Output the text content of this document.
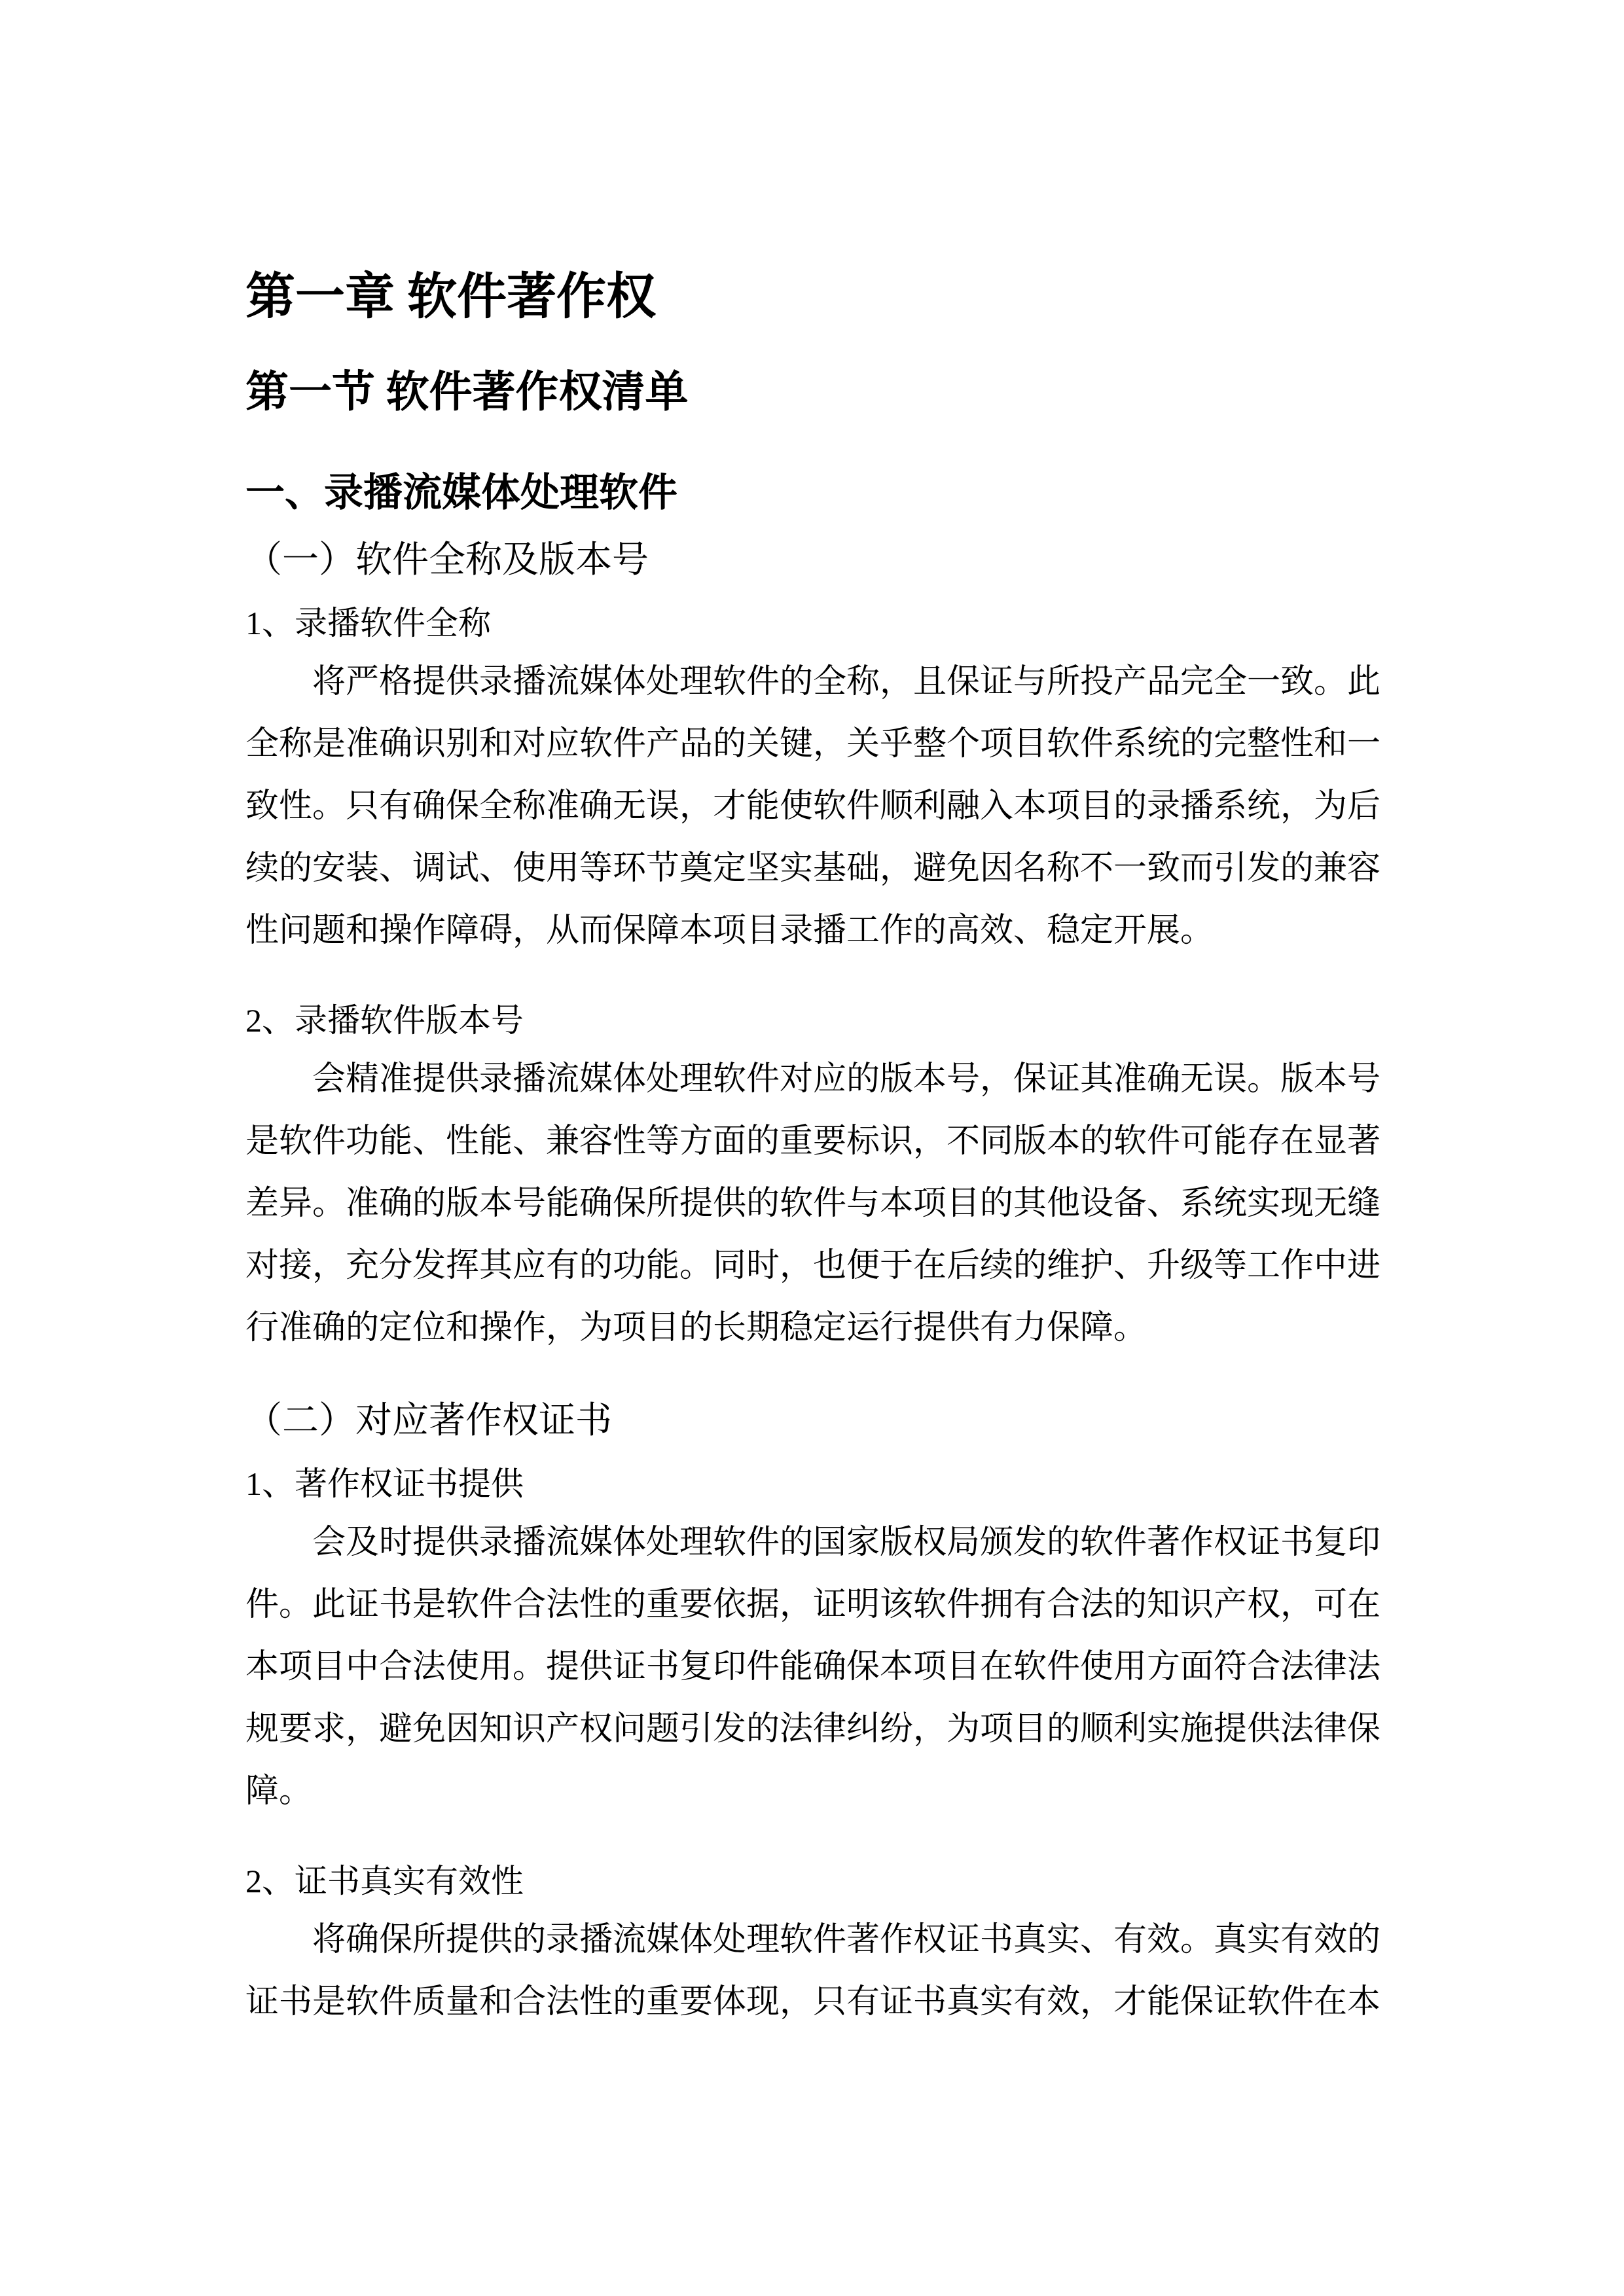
第一章 软件著作权
第一节 软件著作权清单
一、录播流媒体处理软件
（一）软件全称及版本号
1、录播软件全称

将严格提供录播流媒体处理软件的全称，且保证与所投产品完全一致。此全称是准确识别和对应软件产品的关键，关乎整个项目软件系统的完整性和一致性。只有确保全称准确无误，才能使软件顺利融入本项目的录播系统，为后续的安装、调试、使用等环节奠定坚实基础，避免因名称不一致而引发的兼容性问题和操作障碍，从而保障本项目录播工作的高效、稳定开展。

2、录播软件版本号

会精准提供录播流媒体处理软件对应的版本号，保证其准确无误。版本号是软件功能、性能、兼容性等方面的重要标识，不同版本的软件可能存在显著差异。准确的版本号能确保所提供的软件与本项目的其他设备、系统实现无缝对接，充分发挥其应有的功能。同时，也便于在后续的维护、升级等工作中进行准确的定位和操作，为项目的长期稳定运行提供有力保障。

（二）对应著作权证书
1、著作权证书提供

会及时提供录播流媒体处理软件的国家版权局颁发的软件著作权证书复印件。此证书是软件合法性的重要依据，证明该软件拥有合法的知识产权，可在本项目中合法使用。提供证书复印件能确保本项目在软件使用方面符合法律法规要求，避免因知识产权问题引发的法律纠纷，为项目的顺利实施提供法律保障。

2、证书真实有效性

将确保所提供的录播流媒体处理软件著作权证书真实、有效。真实有效的证书是软件质量和合法性的重要体现，只有证书真实有效，才能保证软件在本
